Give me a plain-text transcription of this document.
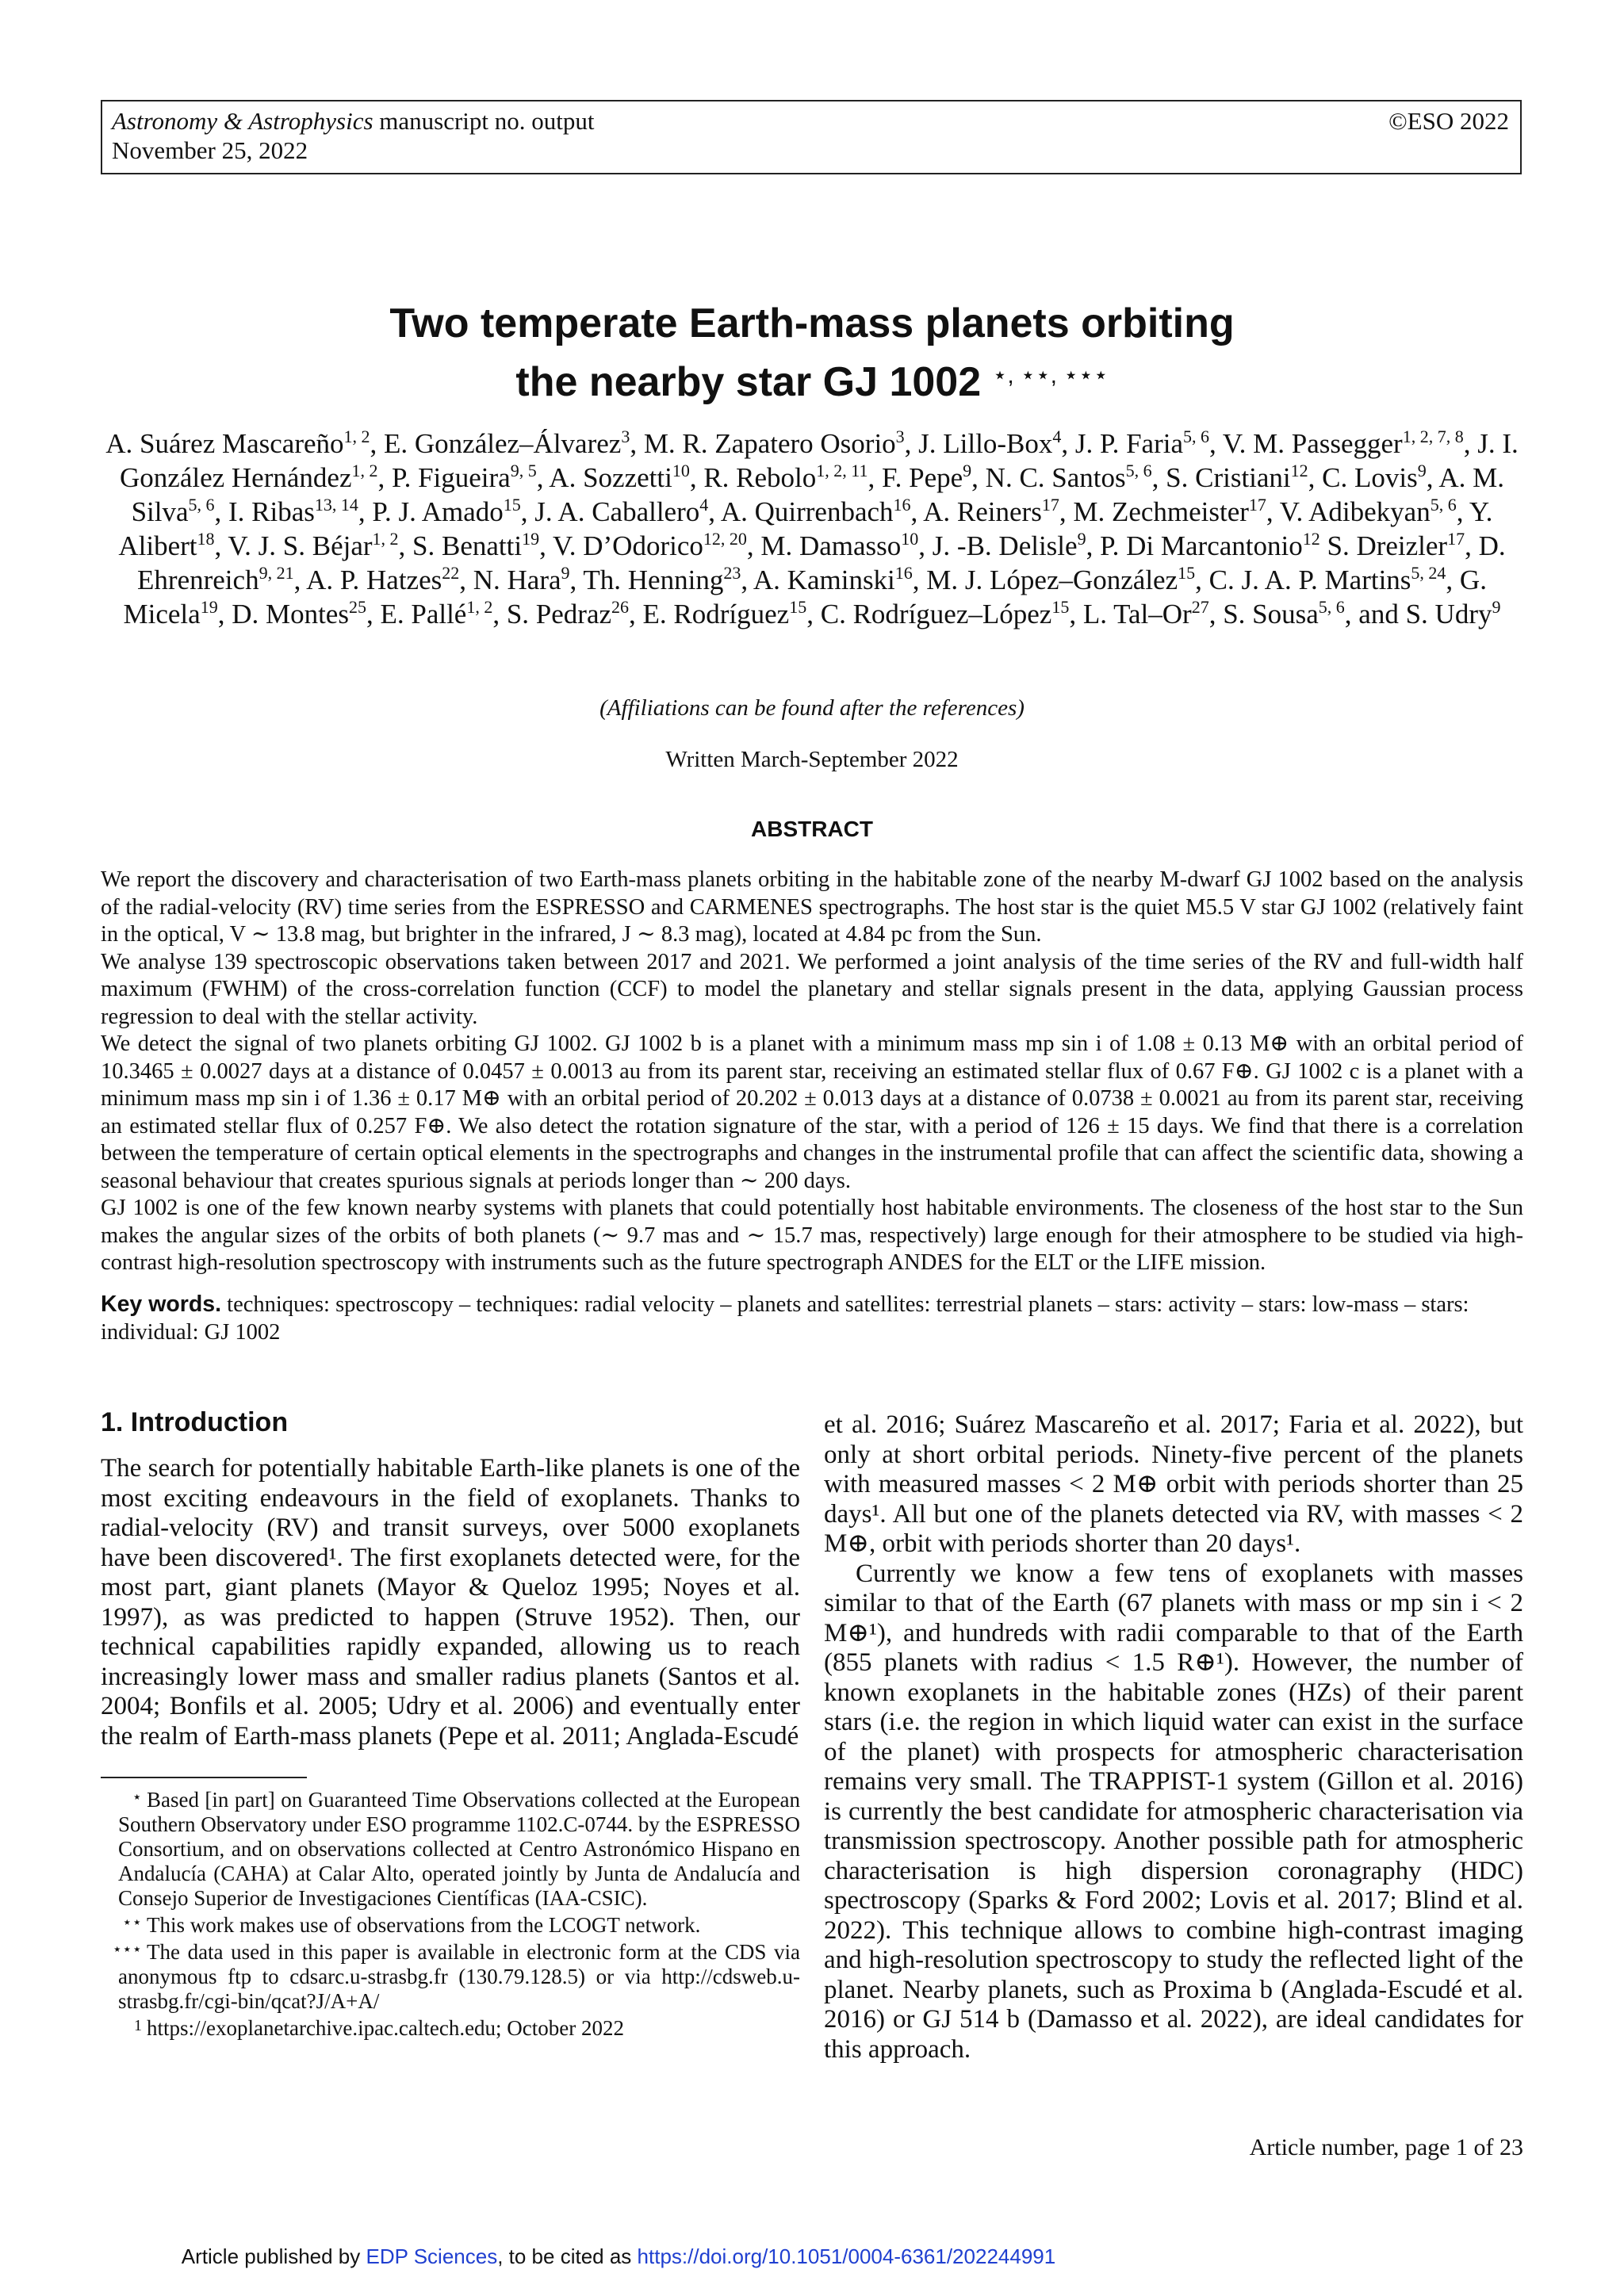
Astronomy & Astrophysics manuscript no. output
November 25, 2022
©ESO 2022
Two temperate Earth-mass planets orbiting
the nearby star GJ 1002 ⋆, ⋆⋆, ⋆⋆⋆
A. Suárez Mascareño$^{1, 2}$, E. González–Álvarez$^3$, M. R. Zapatero Osorio$^3$, J. Lillo-Box$^4$, J. P. Faria$^{5, 6}$, V. M. Passegger$^{1, 2, 7, 8}$, J. I. González Hernández$^{1, 2}$, P. Figueira$^{9, 5}$, A. Sozzetti$^{10}$, R. Rebolo$^{1, 2, 11}$, F. Pepe$^9$, N. C. Santos$^{5, 6}$, S. Cristiani$^{12}$, C. Lovis$^9$, A. M. Silva$^{5, 6}$, I. Ribas$^{13, 14}$, P. J. Amado$^{15}$, J. A. Caballero$^4$, A. Quirrenbach$^{16}$, A. Reiners$^{17}$, M. Zechmeister$^{17}$, V. Adibekyan$^{5, 6}$, Y. Alibert$^{18}$, V. J. S. Béjar$^{1, 2}$, S. Benatti$^{19}$, V. D’Odorico$^{12, 20}$, M. Damasso$^{10}$, J. -B. Delisle$^9$, P. Di Marcantonio$^{12}$ S. Dreizler$^{17}$, D. Ehrenreich$^{9, 21}$, A. P. Hatzes$^{22}$, N. Hara$^9$, Th. Henning$^{23}$, A. Kaminski$^{16}$, M. J. López–González$^{15}$, C. J. A. P. Martins$^{5, 24}$, G. Micela$^{19}$, D. Montes$^{25}$, E. Pallé$^{1, 2}$, S. Pedraz$^{26}$, E. Rodríguez$^{15}$, C. Rodríguez–López$^{15}$, L. Tal–Or$^{27}$, S. Sousa$^{5, 6}$, and S. Udry$^9$
(Affiliations can be found after the references)
Written March-September 2022
ABSTRACT

We report the discovery and characterisation of two Earth-mass planets orbiting in the habitable zone of the nearby M-dwarf GJ 1002 based on the analysis of the radial-velocity (RV) time series from the ESPRESSO and CARMENES spectrographs. The host star is the quiet M5.5 V star GJ 1002 (relatively faint in the optical, V ∼ 13.8 mag, but brighter in the infrared, J ∼ 8.3 mag), located at 4.84 pc from the Sun.

We analyse 139 spectroscopic observations taken between 2017 and 2021. We performed a joint analysis of the time series of the RV and full-width half maximum (FWHM) of the cross-correlation function (CCF) to model the planetary and stellar signals present in the data, applying Gaussian process regression to deal with the stellar activity.

We detect the signal of two planets orbiting GJ 1002. GJ 1002 b is a planet with a minimum mass mp sin i of 1.08 ± 0.13 M⊕ with an orbital period of 10.3465 ± 0.0027 days at a distance of 0.0457 ± 0.0013 au from its parent star, receiving an estimated stellar flux of 0.67 F⊕. GJ 1002 c is a planet with a minimum mass mp sin i of 1.36 ± 0.17 M⊕ with an orbital period of 20.202 ± 0.013 days at a distance of 0.0738 ± 0.0021 au from its parent star, receiving an estimated stellar flux of 0.257 F⊕. We also detect the rotation signature of the star, with a period of 126 ± 15 days. We find that there is a correlation between the temperature of certain optical elements in the spectrographs and changes in the instrumental profile that can affect the scientific data, showing a seasonal behaviour that creates spurious signals at periods longer than ∼ 200 days.

GJ 1002 is one of the few known nearby systems with planets that could potentially host habitable environments. The closeness of the host star to the Sun makes the angular sizes of the orbits of both planets (∼ 9.7 mas and ∼ 15.7 mas, respectively) large enough for their atmosphere to be studied via high-contrast high-resolution spectroscopy with instruments such as the future spectrograph ANDES for the ELT or the LIFE mission.

Key words. techniques: spectroscopy – techniques: radial velocity – planets and satellites: terrestrial planets – stars: activity – stars: low-mass – stars: individual: GJ 1002
1. Introduction

The search for potentially habitable Earth-like planets is one of the most exciting endeavours in the field of exoplanets. Thanks to radial-velocity (RV) and transit surveys, over 5000 exoplanets have been discovered¹. The first exoplanets detected were, for the most part, giant planets (Mayor & Queloz 1995; Noyes et al. 1997), as was predicted to happen (Struve 1952). Then, our technical capabilities rapidly expanded, allowing us to reach increasingly lower mass and smaller radius planets (Santos et al. 2004; Bonfils et al. 2005; Udry et al. 2006) and eventually enter the realm of Earth-mass planets (Pepe et al. 2011; Anglada-Escudé

et al. 2016; Suárez Mascareño et al. 2017; Faria et al. 2022), but only at short orbital periods. Ninety-five percent of the planets with measured masses < 2 M⊕ orbit with periods shorter than 25 days¹. All but one of the planets detected via RV, with masses < 2 M⊕, orbit with periods shorter than 20 days¹.

Currently we know a few tens of exoplanets with masses similar to that of the Earth (67 planets with mass or mp sin i < 2 M⊕¹), and hundreds with radii comparable to that of the Earth (855 planets with radius < 1.5 R⊕¹). However, the number of known exoplanets in the habitable zones (HZs) of their parent stars (i.e. the region in which liquid water can exist in the surface of the planet) with prospects for atmospheric characterisation remains very small. The TRAPPIST-1 system (Gillon et al. 2016) is currently the best candidate for atmospheric characterisation via transmission spectroscopy. Another possible path for atmospheric characterisation is high dispersion coronagraphy (HDC) spectroscopy (Sparks & Ford 2002; Lovis et al. 2017; Blind et al. 2022). This technique allows to combine high-contrast imaging and high-resolution spectroscopy to study the reflected light of the planet. Nearby planets, such as Proxima b (Anglada-Escudé et al. 2016) or GJ 514 b (Damasso et al. 2022), are ideal candidates for this approach.

⋆ Based [in part] on Guaranteed Time Observations collected at the European Southern Observatory under ESO programme 1102.C-0744. by the ESPRESSO Consortium, and on observations collected at Centro Astronómico Hispano en Andalucía (CAHA) at Calar Alto, operated jointly by Junta de Andalucía and Consejo Superior de Investigaciones Científicas (IAA-CSIC).

⋆⋆ This work makes use of observations from the LCOGT network.

⋆⋆⋆ The data used in this paper is available in electronic form at the CDS via anonymous ftp to cdsarc.u-strasbg.fr (130.79.128.5) or via http://cdsweb.u-strasbg.fr/cgi-bin/qcat?J/A+A/

1 https://exoplanetarchive.ipac.caltech.edu; October 2022

Article number, page 1 of 23
Article published by EDP Sciences, to be cited as https://doi.org/10.1051/0004-6361/202244991
